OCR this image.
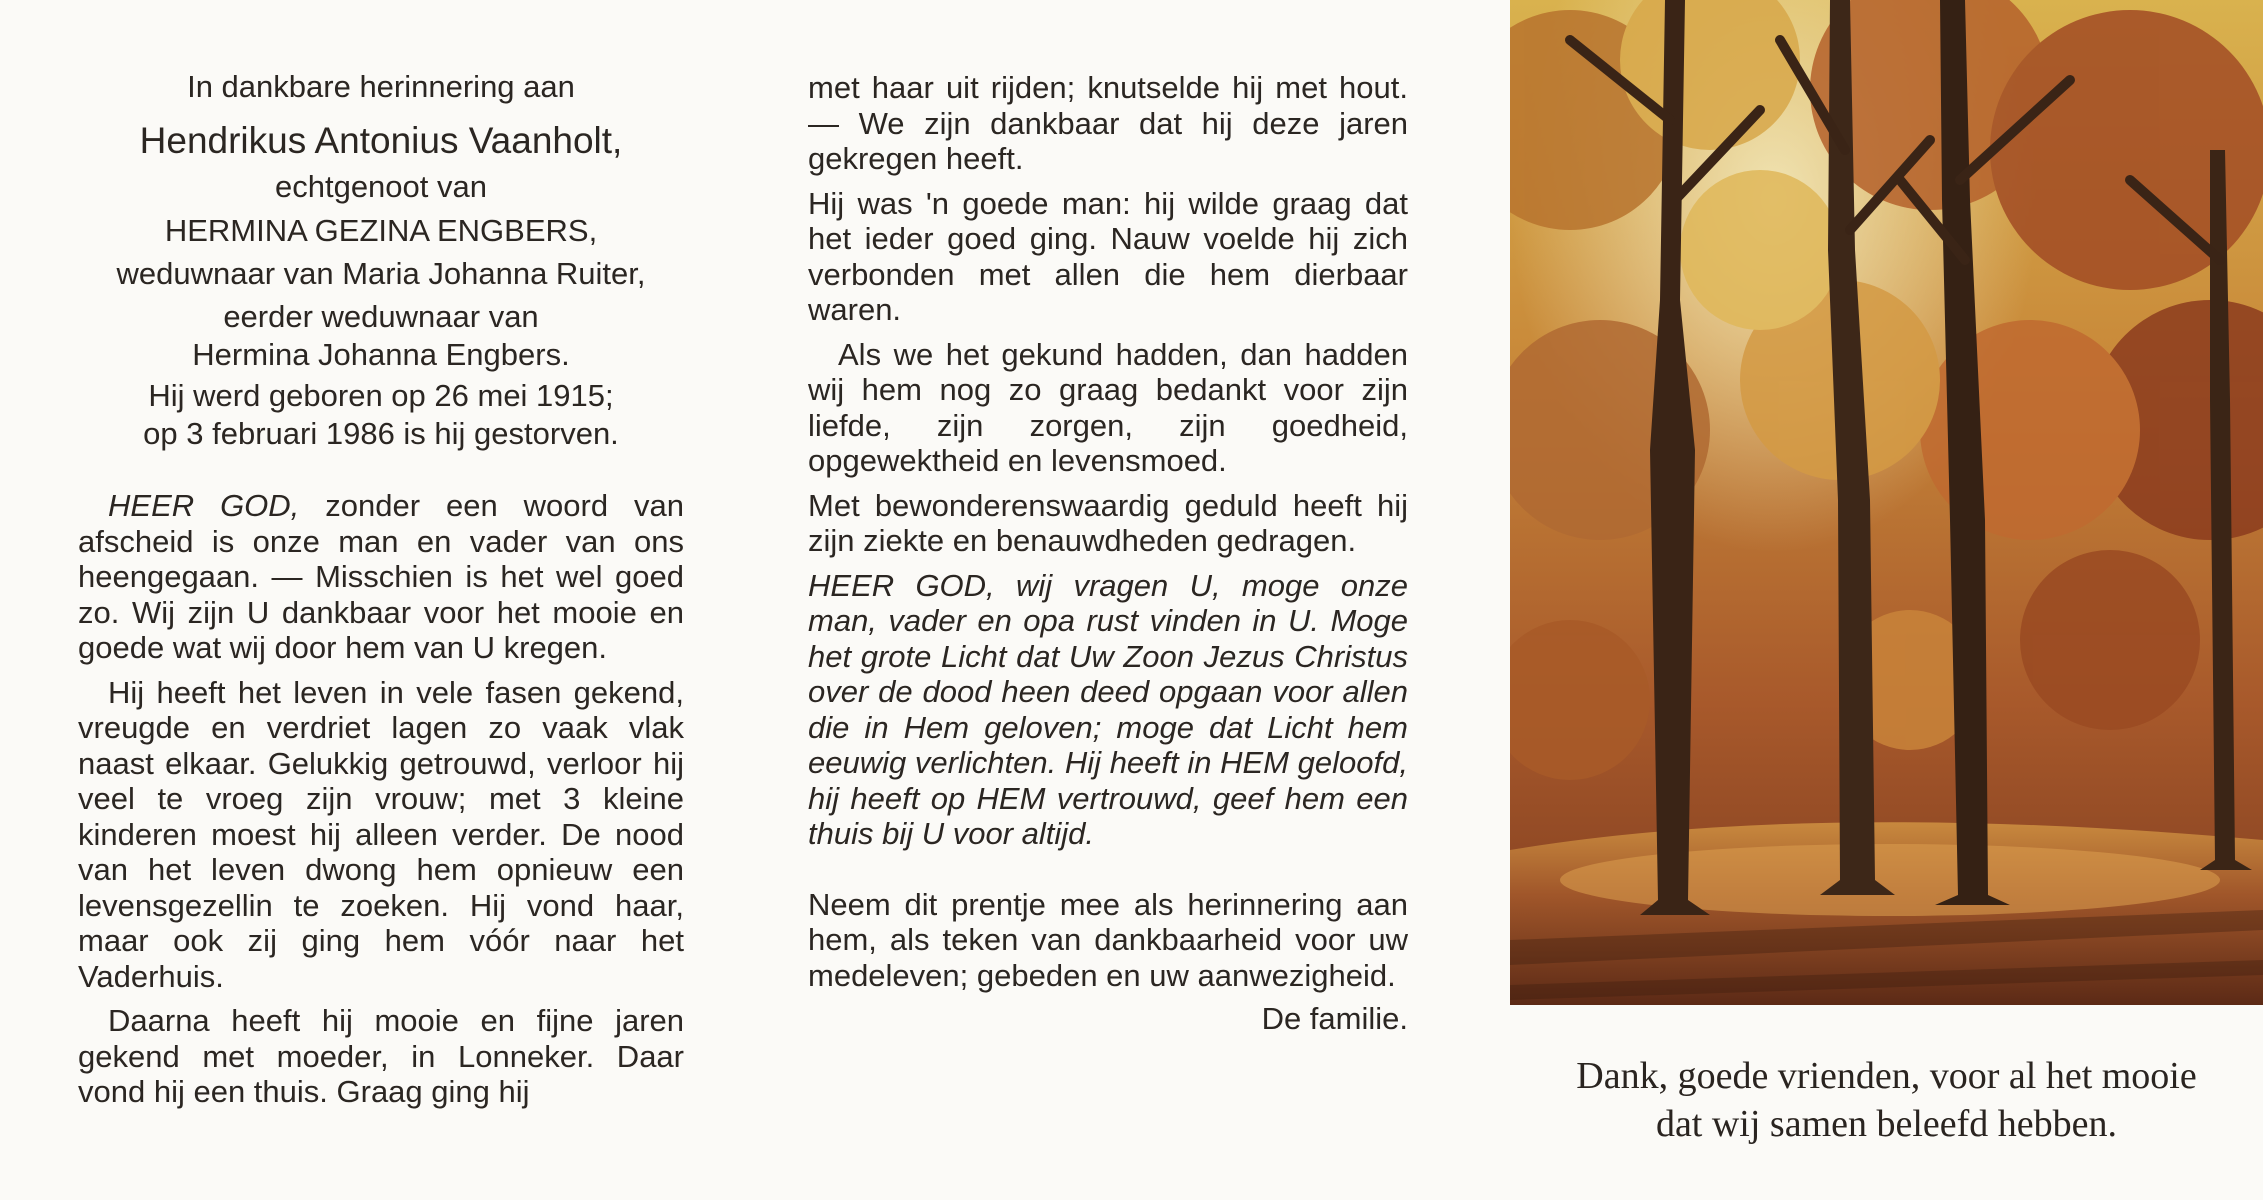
In dankbare herinnering aan
Hendrikus Antonius Vaanholt,
echtgenoot van
HERMINA GEZINA ENGBERS,
weduwnaar van Maria Johanna Ruiter,
eerder weduwnaar van
Hermina Johanna Engbers.
Hij werd geboren op 26 mei 1915;
op 3 februari 1986 is hij gestorven.

HEER GOD, zonder een woord van afscheid is onze man en vader van ons heengegaan. — Misschien is het wel goed zo. Wij zijn U dankbaar voor het mooie en goede wat wij door hem van U kregen.

Hij heeft het leven in vele fasen gekend, vreugde en verdriet lagen zo vaak vlak naast elkaar. Gelukkig getrouwd, verloor hij veel te vroeg zijn vrouw; met 3 kleine kinderen moest hij alleen verder. De nood van het leven dwong hem opnieuw een levensgezellin te zoeken. Hij vond haar, maar ook zij ging hem vóór naar het Vaderhuis.

Daarna heeft hij mooie en fijne jaren gekend met moeder, in Lonneker. Daar vond hij een thuis. Graag ging hij

met haar uit rijden; knutselde hij met hout. — We zijn dankbaar dat hij deze jaren gekregen heeft.

Hij was 'n goede man: hij wilde graag dat het ieder goed ging. Nauw voelde hij zich verbonden met allen die hem dierbaar waren.

Als we het gekund hadden, dan hadden wij hem nog zo graag bedankt voor zijn liefde, zijn zorgen, zijn goedheid, opgewektheid en levensmoed.

Met bewonderenswaardig geduld heeft hij zijn ziekte en benauwdheden gedragen.

HEER GOD, wij vragen U, moge onze man, vader en opa rust vinden in U. Moge het grote Licht dat Uw Zoon Jezus Christus over de dood heen deed opgaan voor allen die in Hem geloven; moge dat Licht hem eeuwig verlichten. Hij heeft in HEM geloofd, hij heeft op HEM vertrouwd, geef hem een thuis bij U voor altijd.

Neem dit prentje mee als herinnering aan hem, als teken van dankbaarheid voor uw medeleven; gebeden en uw aanwezigheid.

De familie.
Dank, goede vrienden, voor al het mooie
dat wij samen beleefd hebben.
